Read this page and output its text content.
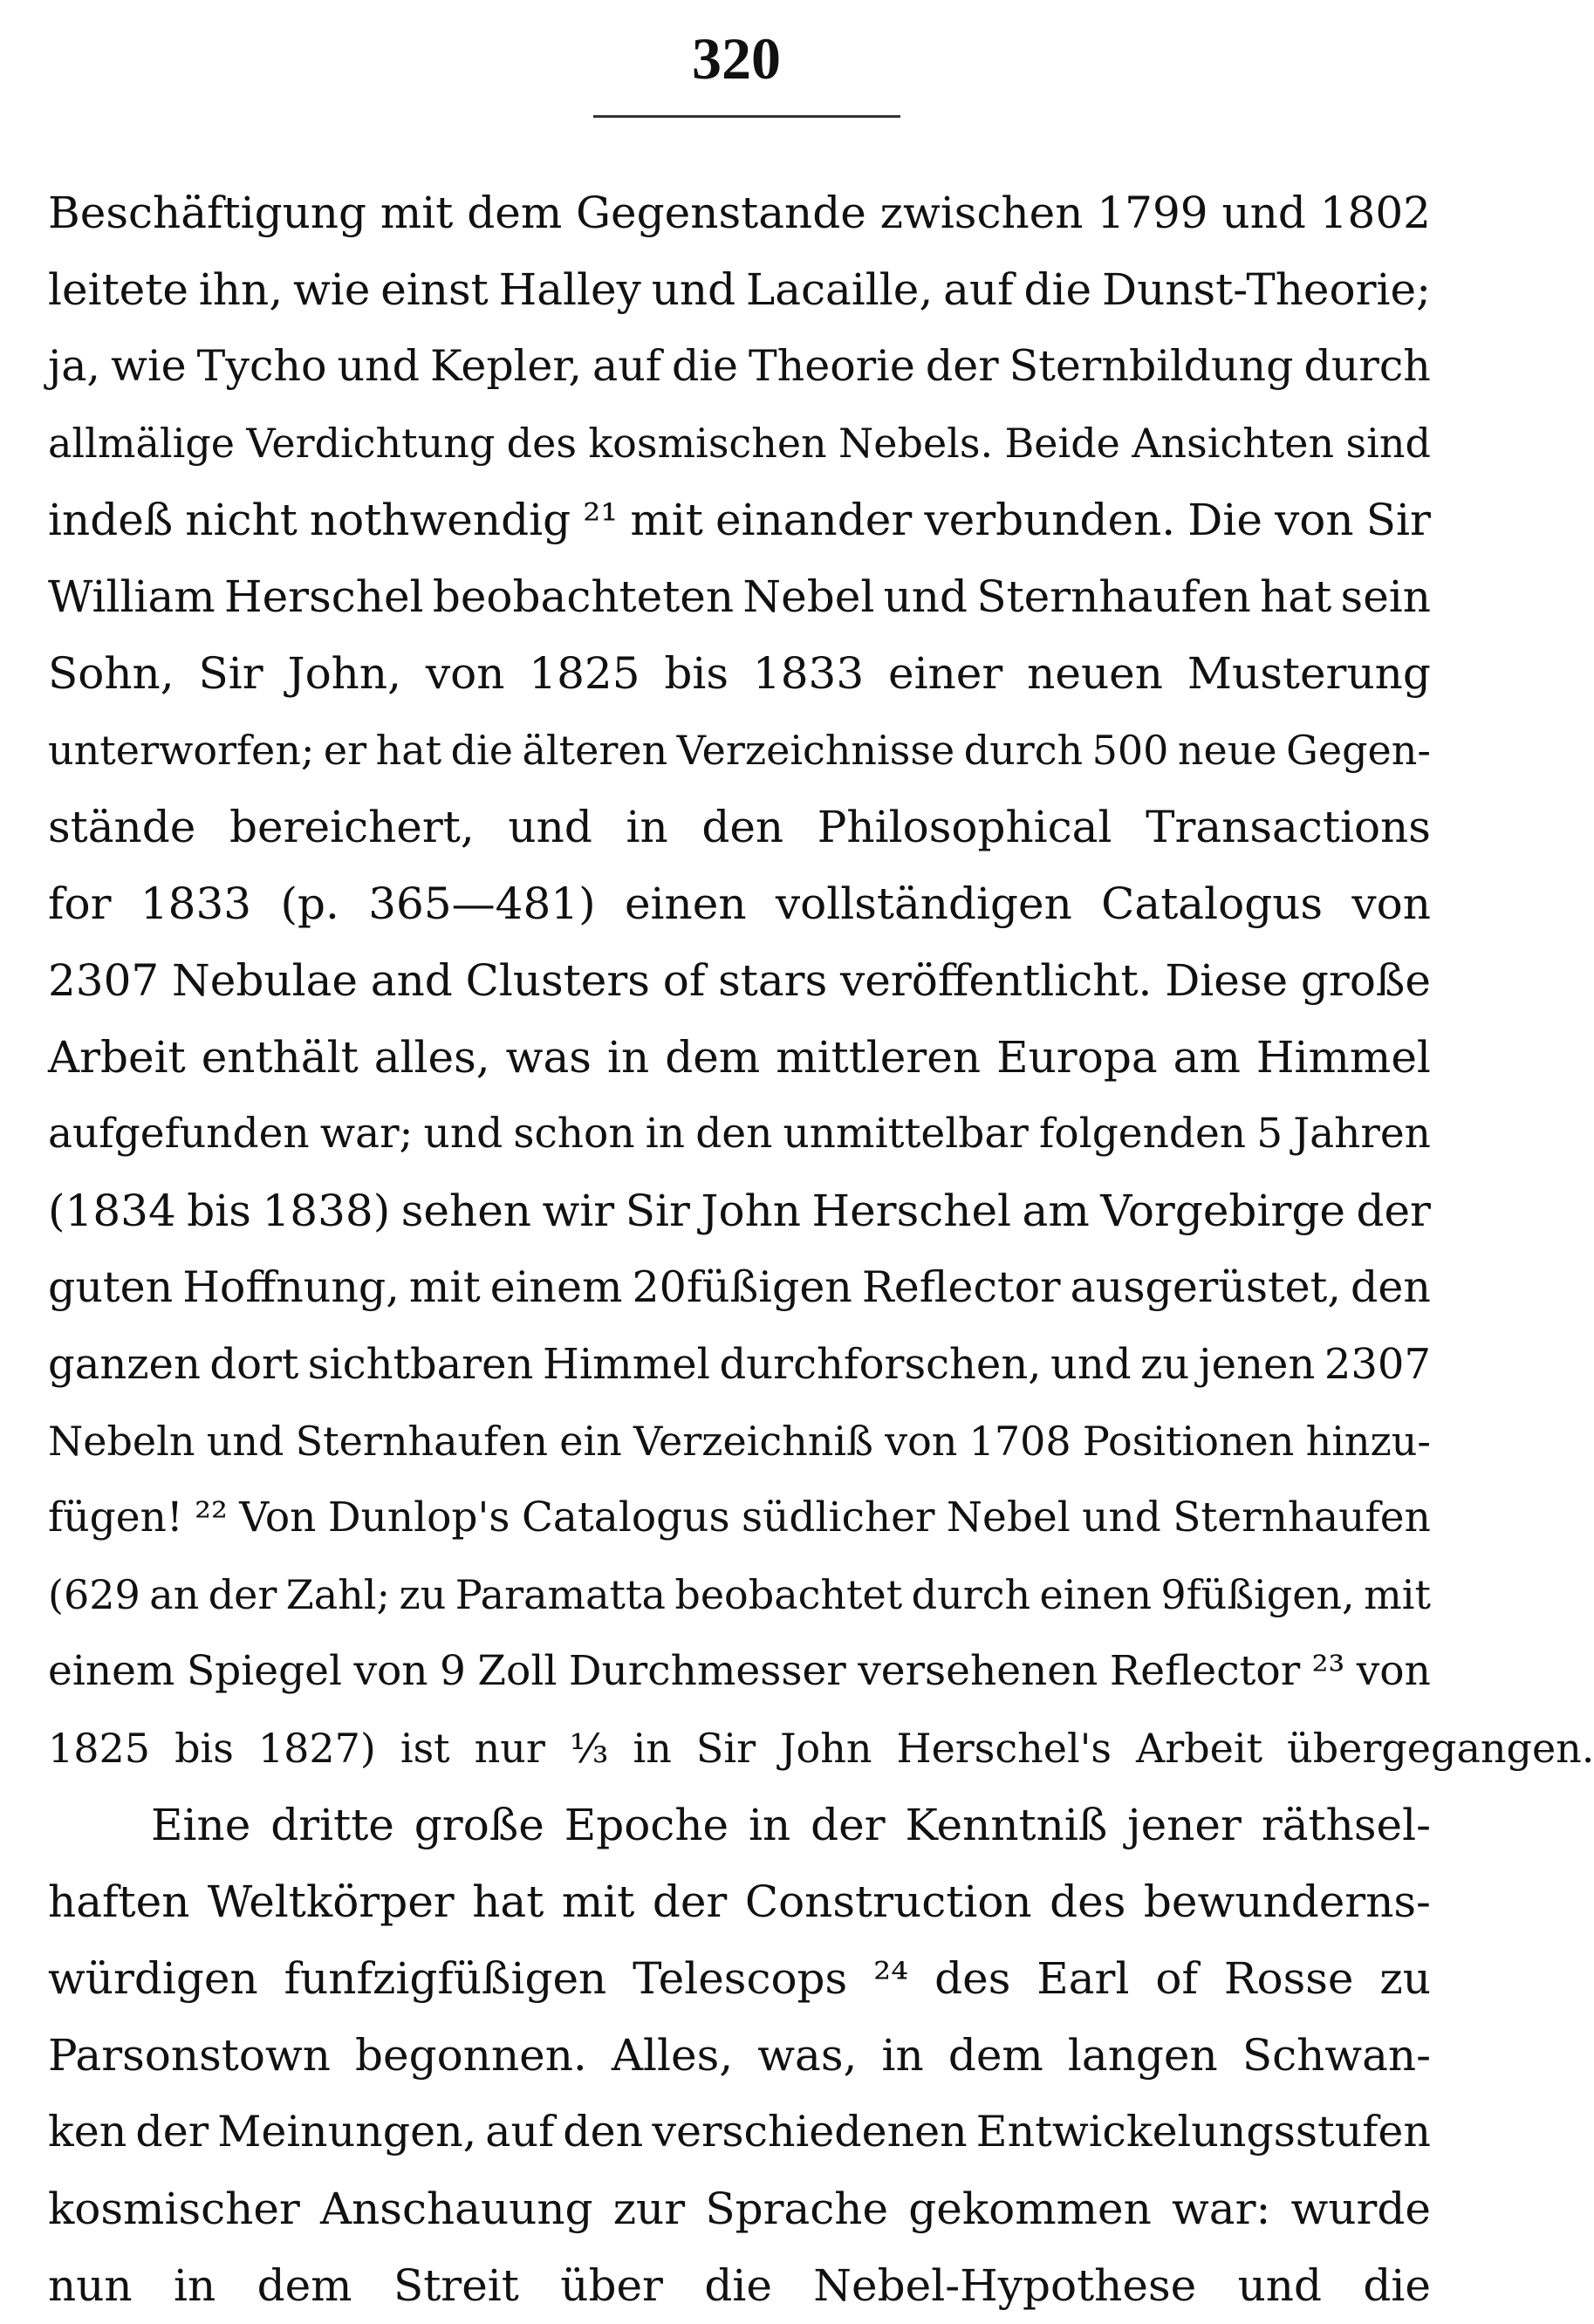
320
Beschäftigung mit dem Gegenstande zwischen 1799 und 1802
leitete ihn, wie einst Halley und Lacaille, auf die Dunst-Theorie;
ja, wie Tycho und Kepler, auf die Theorie der Sternbildung durch
allmälige Verdichtung des kosmischen Nebels. Beide Ansichten sind
indeß nicht nothwendig ²¹ mit einander verbunden. Die von Sir
William Herschel beobachteten Nebel und Sternhaufen hat sein
Sohn, Sir John, von 1825 bis 1833 einer neuen Musterung
unterworfen; er hat die älteren Verzeichnisse durch 500 neue Gegen-
stände bereichert, und in den Philosophical Transactions
for 1833 (p. 365—481) einen vollständigen Catalogus von
2307 Nebulae and Clusters of stars veröffentlicht. Diese große
Arbeit enthält alles, was in dem mittleren Europa am Himmel
aufgefunden war; und schon in den unmittelbar folgenden 5 Jahren
(1834 bis 1838) sehen wir Sir John Herschel am Vorgebirge der
guten Hoffnung, mit einem 20füßigen Reflector ausgerüstet, den
ganzen dort sichtbaren Himmel durchforschen, und zu jenen 2307
Nebeln und Sternhaufen ein Verzeichniß von 1708 Positionen hinzu-
fügen! ²² Von Dunlop's Catalogus südlicher Nebel und Sternhaufen
(629 an der Zahl; zu Paramatta beobachtet durch einen 9füßigen, mit
einem Spiegel von 9 Zoll Durchmesser versehenen Reflector ²³ von
1825 bis 1827) ist nur ⅓ in Sir John Herschel's Arbeit übergegangen.
Eine dritte große Epoche in der Kenntniß jener räthsel-
haften Weltkörper hat mit der Construction des bewunderns-
würdigen funfzigfüßigen Telescops ²⁴ des Earl of Rosse zu
Parsonstown begonnen. Alles, was, in dem langen Schwan-
ken der Meinungen, auf den verschiedenen Entwickelungsstufen
kosmischer Anschauung zur Sprache gekommen war: wurde
nun in dem Streit über die Nebel-Hypothese und die
